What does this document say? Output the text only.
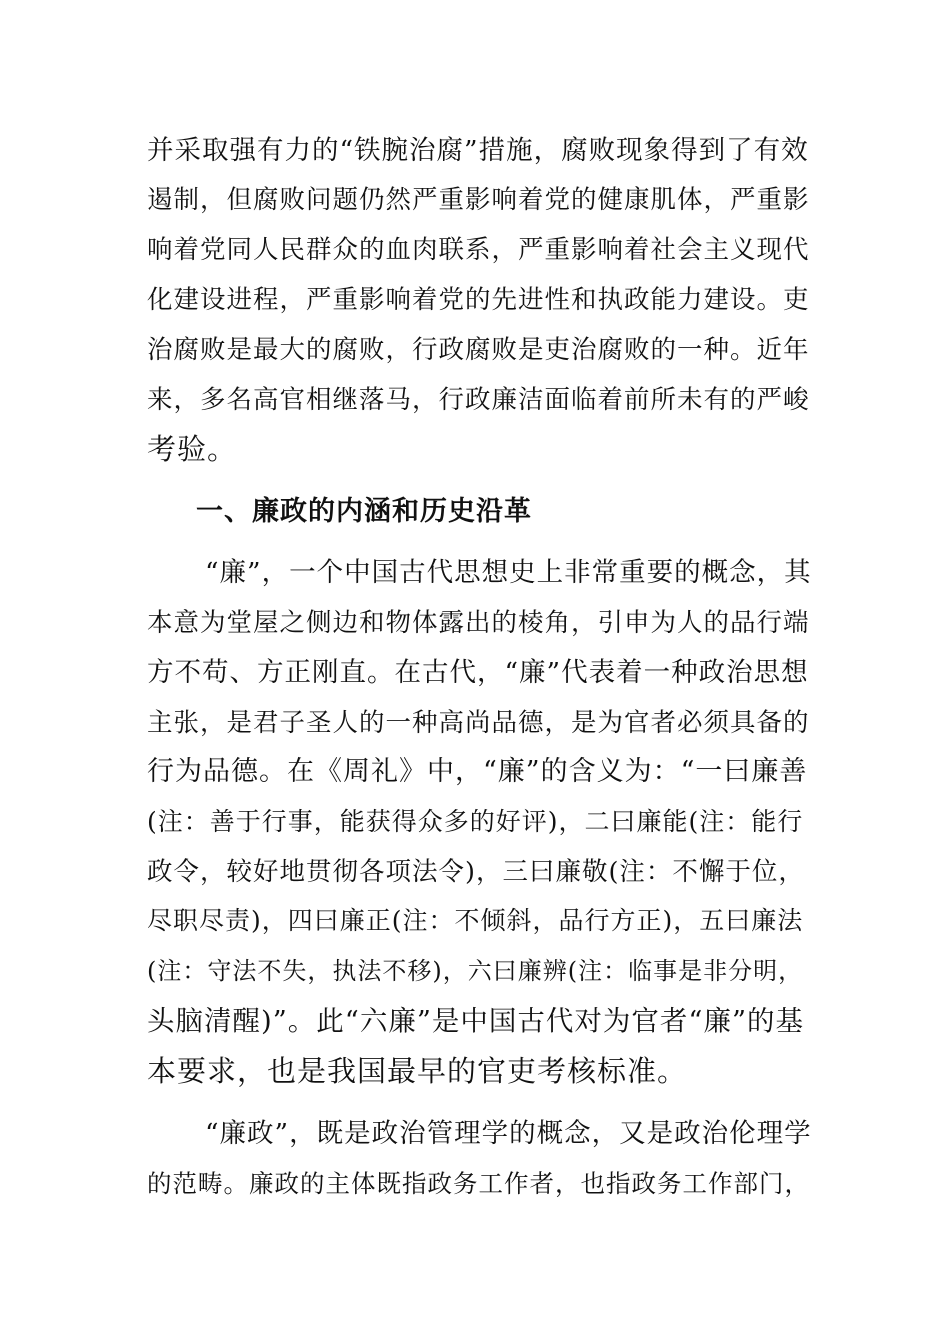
并采取强有力的“铁腕治腐”措施，腐败现象得到了有效
遏制，但腐败问题仍然严重影响着党的健康肌体，严重影
响着党同人民群众的血肉联系，严重影响着社会主义现代
化建设进程，严重影响着党的先进性和执政能力建设。吏
治腐败是最大的腐败，行政腐败是吏治腐败的一种。近年
来，多名高官相继落马，行政廉洁面临着前所未有的严峻
考验。
一、廉政的内涵和历史沿革
“廉”，一个中国古代思想史上非常重要的概念，其
本意为堂屋之侧边和物体露出的棱角，引申为人的品行端
方不苟、方正刚直。在古代，“廉”代表着一种政治思想
主张，是君子圣人的一种高尚品德，是为官者必须具备的
行为品德。在《周礼》中，“廉”的含义为：“一曰廉善
(注：善于行事，能获得众多的好评)，二曰廉能(注：能行
政令，较好地贯彻各项法令)，三曰廉敬(注：不懈于位，
尽职尽责)，四曰廉正(注：不倾斜，品行方正)，五曰廉法
(注：守法不失，执法不移)，六曰廉辨(注：临事是非分明，
头脑清醒)”。此“六廉”是中国古代对为官者“廉”的基
本要求，也是我国最早的官吏考核标准。
“廉政”，既是政治管理学的概念，又是政治伦理学
的范畴。廉政的主体既指政务工作者，也指政务工作部门，
